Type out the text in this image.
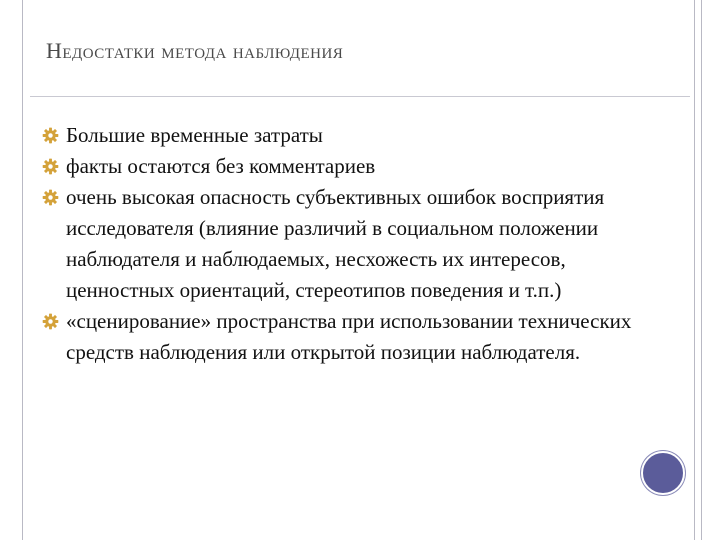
Недостатки метода наблюдения
Большие временные затраты
факты остаются без комментариев
очень высокая опасность субъективных ошибок восприятия исследователя (влияние различий в социальном положении наблюдателя и наблюдаемых, несхожесть их интересов, ценностных ориентаций, стереотипов поведения и т.п.)
«сценирование» пространства при использовании технических средств наблюдения или открытой позиции наблюдателя.
